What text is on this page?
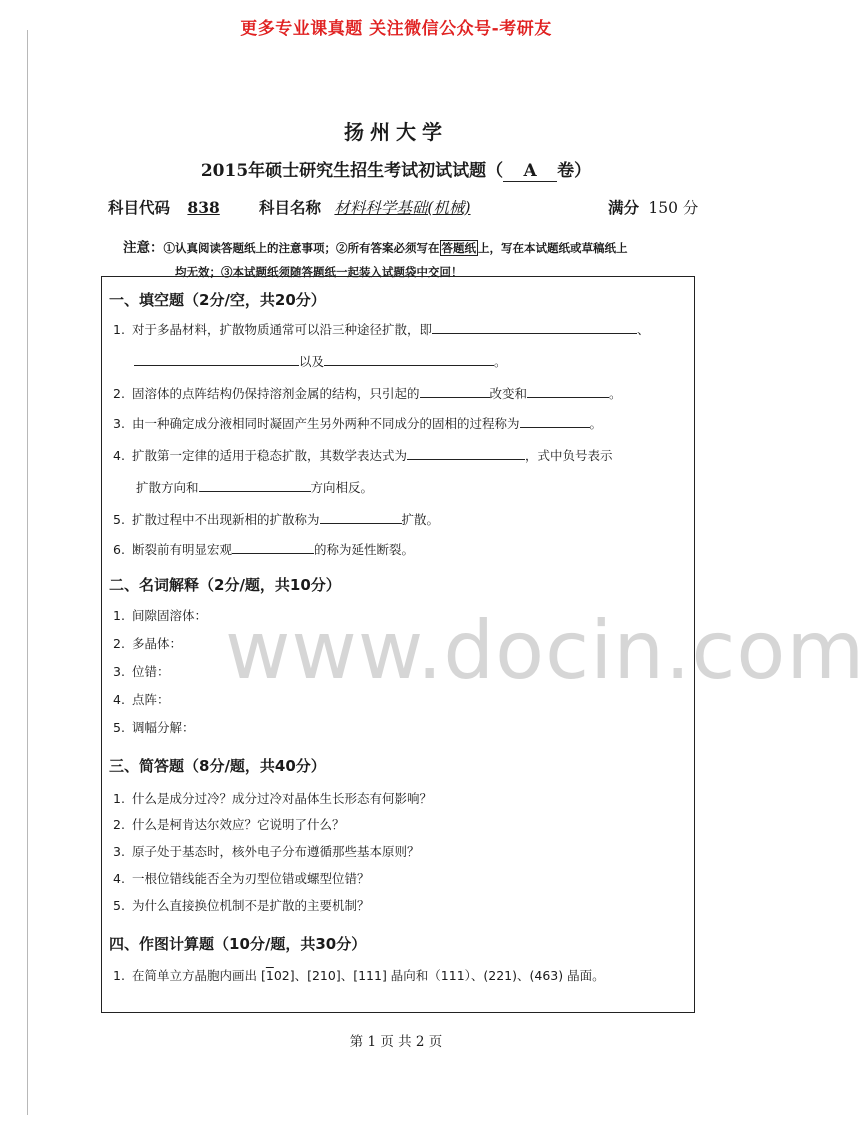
更多专业课真题 关注微信公众号-考研友
扬州大学
2015年硕士研究生招生考试初试试题（ A 卷）
科目代码 838	科目名称 材料科学基础(机械)	满分 150 分
注意：①认真阅读答题纸上的注意事项；②所有答案必须写在 答题纸 上，写在本试题纸或草稿纸上
均无效；③本试题纸须随答题纸一起装入试题袋中交回！
一、填空题（2分/空，共20分）
1. 对于多晶材料，扩散物质通常可以沿三种途径扩散，即	、
以及	。
2. 固溶体的点阵结构仍保持溶剂金属的结构，只引起的	改变和	。
3. 由一种确定成分液相同时凝固产生另外两种不同成分的固相的过程称为	。
4. 扩散第一定律的适用于稳态扩散，其数学表达式为	，式中负号表示
扩散方向和	方向相反。
5. 扩散过程中不出现新相的扩散称为	扩散。
6. 断裂前有明显宏观	的称为延性断裂。
二、名词解释（2分/题，共10分）
1. 间隙固溶体：
2. 多晶体：
3. 位错：
4. 点阵：
5. 调幅分解：
www.docin.com
三、简答题（8分/题，共40分）
1. 什么是成分过冷？成分过冷对晶体生长形态有何影响？
2. 什么是柯肯达尔效应？它说明了什么？
3. 原子处于基态时，核外电子分布遵循那些基本原则？
4. 一根位错线能否全为刃型位错或螺型位错？
5. 为什么直接换位机制不是扩散的主要机制？
四、作图计算题（10分/题，共30分）
1. 在简单立方晶胞内画出 [102]、[210]、[111] 晶向和（111）、(221)、(463) 晶面。
第 1 页 共 2 页
